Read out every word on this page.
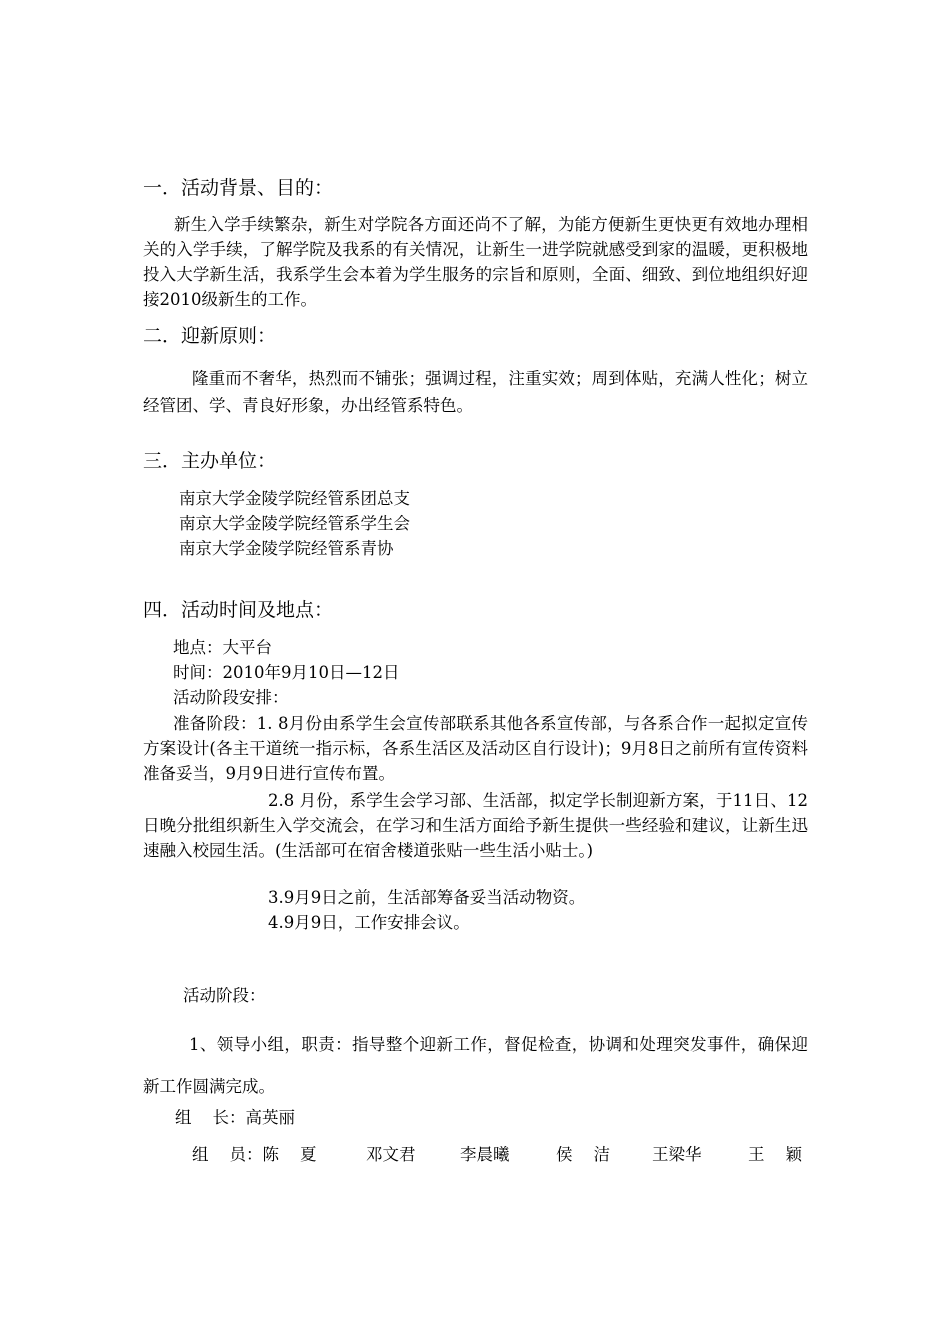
一．活动背景、目的：
新生入学手续繁杂，新生对学院各方面还尚不了解，为能方便新生更快更有效地办理相关的入学手续，了解学院及我系的有关情况，让新生一进学院就感受到家的温暖，更积极地投入大学新生活，我系学生会本着为学生服务的宗旨和原则，全面、细致、到位地组织好迎接2010级新生的工作。
二．迎新原则：
隆重而不奢华，热烈而不铺张；强调过程，注重实效；周到体贴，充满人性化；树立经管团、学、青良好形象，办出经管系特色。
三．主办单位：
南京大学金陵学院经管系团总支
南京大学金陵学院经管系学生会
南京大学金陵学院经管系青协
四．活动时间及地点：
地点：大平台
时间：2010年9月10日—12日
活动阶段安排：
准备阶段：1. 8月份由系学生会宣传部联系其他各系宣传部，与各系合作一起拟定宣传方案设计(各主干道统一指示标，各系生活区及活动区自行设计)；9月8日之前所有宣传资料准备妥当，9月9日进行宣传布置。
2.8 月份，系学生会学习部、生活部，拟定学长制迎新方案，于11日、12日晚分批组织新生入学交流会，在学习和生活方面给予新生提供一些经验和建议，让新生迅速融入校园生活。(生活部可在宿舍楼道张贴一些生活小贴士。)
3.9月9日之前，生活部筹备妥当活动物资。
4.9月9日，工作安排会议。
活动阶段：
1、领导小组，职责：指导整个迎新工作，督促检查，协调和处理突发事件，确保迎新工作圆满完成。
组    长：高英丽
组    员：陈    夏	邓文君	李晨曦	侯    洁	王梁华	王    颖
